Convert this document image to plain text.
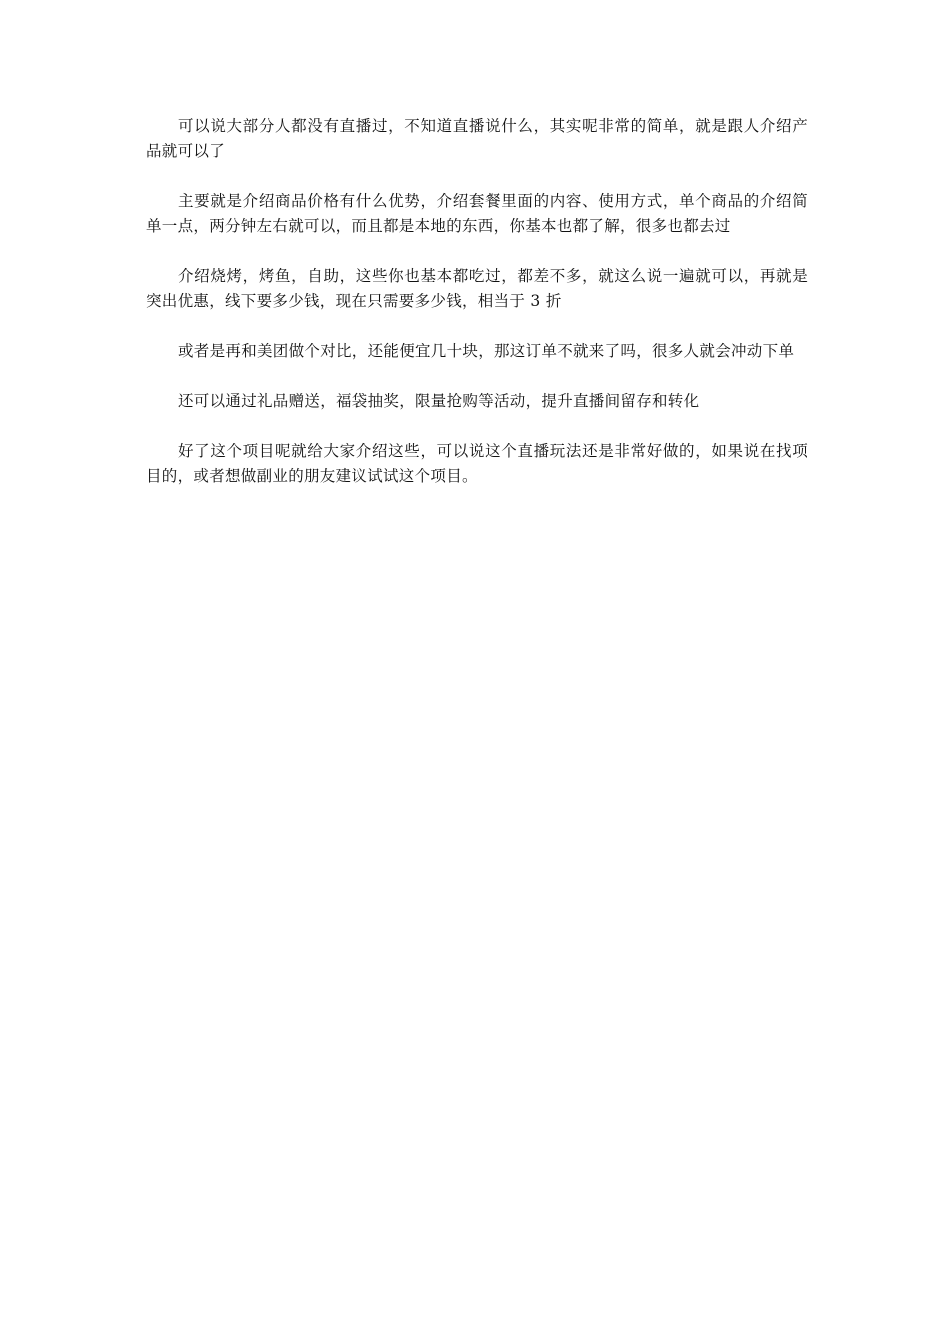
可以说大部分人都没有直播过，不知道直播说什么，其实呢非常的简单，就是跟人介绍产品就可以了

主要就是介绍商品价格有什么优势，介绍套餐里面的内容、使用方式，单个商品的介绍简单一点，两分钟左右就可以，而且都是本地的东西，你基本也都了解，很多也都去过

介绍烧烤，烤鱼，自助，这些你也基本都吃过，都差不多，就这么说一遍就可以，再就是突出优惠，线下要多少钱，现在只需要多少钱，相当于 3 折

或者是再和美团做个对比，还能便宜几十块，那这订单不就来了吗，很多人就会冲动下单

还可以通过礼品赠送，福袋抽奖，限量抢购等活动，提升直播间留存和转化

好了这个项目呢就给大家介绍这些，可以说这个直播玩法还是非常好做的，如果说在找项目的，或者想做副业的朋友建议试试这个项目。
